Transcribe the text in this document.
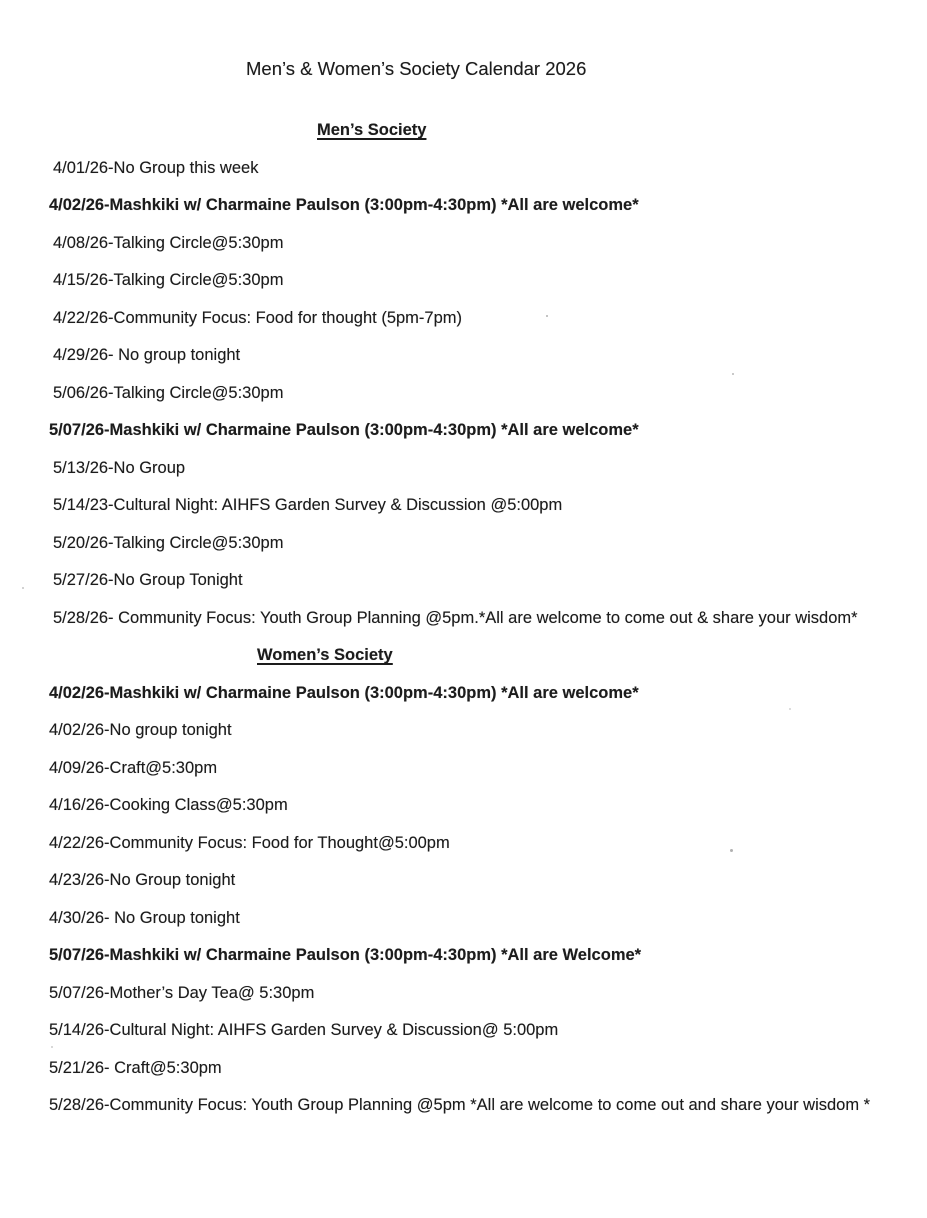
Men’s & Women’s Society Calendar 2026
Men’s Society
4/01/26-No Group this week
4/02/26-Mashkiki w/ Charmaine Paulson (3:00pm-4:30pm) *All are welcome*
4/08/26-Talking Circle@5:30pm
4/15/26-Talking Circle@5:30pm
4/22/26-Community Focus: Food for thought (5pm-7pm)
4/29/26- No group tonight
5/06/26-Talking Circle@5:30pm
5/07/26-Mashkiki w/ Charmaine Paulson (3:00pm-4:30pm) *All are welcome*
5/13/26-No Group
5/14/23-Cultural Night: AIHFS Garden Survey & Discussion @5:00pm
5/20/26-Talking Circle@5:30pm
5/27/26-No Group Tonight
5/28/26- Community Focus: Youth Group Planning @5pm.*All are welcome to come out & share your wisdom*
Women’s Society
4/02/26-Mashkiki w/ Charmaine Paulson (3:00pm-4:30pm) *All are welcome*
4/02/26-No group tonight
4/09/26-Craft@5:30pm
4/16/26-Cooking Class@5:30pm
4/22/26-Community Focus: Food for Thought@5:00pm
4/23/26-No Group tonight
4/30/26- No Group tonight
5/07/26-Mashkiki w/ Charmaine Paulson (3:00pm-4:30pm) *All are Welcome*
5/07/26-Mother’s Day Tea@ 5:30pm
5/14/26-Cultural Night: AIHFS Garden Survey & Discussion@ 5:00pm
5/21/26- Craft@5:30pm
5/28/26-Community Focus: Youth Group Planning @5pm *All are welcome to come out and share your wisdom *
